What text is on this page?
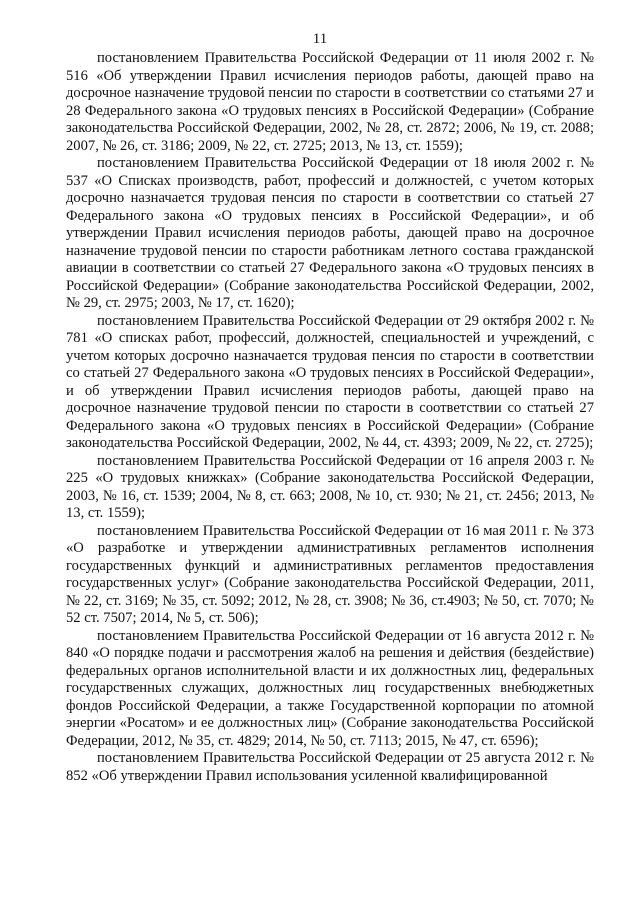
11

постановлением Правительства Российской Федерации от 11 июля 2002 г. № 516 «Об утверждении Правил исчисления периодов работы, дающей право на досрочное назначение трудовой пенсии по старости в соответствии со статьями 27 и 28 Федерального закона «О трудовых пенсиях в Российской Федерации» (Собрание законодательства Российской Федерации, 2002, № 28, ст. 2872; 2006, № 19, ст. 2088; 2007, № 26, ст. 3186; 2009, № 22, ст. 2725; 2013, № 13, ст. 1559);

постановлением Правительства Российской Федерации от 18 июля 2002 г. № 537 «О Списках производств, работ, профессий и должностей, с учетом которых досрочно назначается трудовая пенсия по старости в соответствии со статьей 27 Федерального закона «О трудовых пенсиях в Российской Федерации», и об утверждении Правил исчисления периодов работы, дающей право на досрочное назначение трудовой пенсии по старости работникам летного состава гражданской авиации в соответствии со статьей 27 Федерального закона «О трудовых пенсиях в Российской Федерации» (Собрание законодательства Российской Федерации, 2002, № 29, ст. 2975; 2003, № 17, ст. 1620);

постановлением Правительства Российской Федерации от 29 октября 2002 г. № 781 «О списках работ, профессий, должностей, специальностей и учреждений, с учетом которых досрочно назначается трудовая пенсия по старости в соответствии со статьей 27 Федерального закона «О трудовых пенсиях в Российской Федерации», и об утверждении Правил исчисления периодов работы, дающей право на досрочное назначение трудовой пенсии по старости в соответствии со статьей 27 Федерального закона «О трудовых пенсиях в Российской Федерации» (Собрание законодательства Российской Федерации, 2002, № 44, ст. 4393; 2009, № 22, ст. 2725);

постановлением Правительства Российской Федерации от 16 апреля 2003 г. № 225 «О трудовых книжках» (Собрание законодательства Российской Федерации, 2003, № 16, ст. 1539; 2004, № 8, ст. 663; 2008, № 10, ст. 930; № 21, ст. 2456; 2013, № 13, ст. 1559);

постановлением Правительства Российской Федерации от 16 мая 2011 г. № 373 «О разработке и утверждении административных регламентов исполнения государственных функций и административных регламентов предоставления государственных услуг» (Собрание законодательства Российской Федерации, 2011, № 22, ст. 3169; № 35, ст. 5092; 2012, № 28, ст. 3908; № 36, ст.4903; № 50, ст. 7070; № 52 ст. 7507; 2014, № 5, ст. 506);

постановлением Правительства Российской Федерации от 16 августа 2012 г. № 840 «О порядке подачи и рассмотрения жалоб на решения и действия (бездействие) федеральных органов исполнительной власти и их должностных лиц, федеральных государственных служащих, должностных лиц государственных внебюджетных фондов Российской Федерации, а также Государственной корпорации по атомной энергии «Росатом» и ее должностных лиц» (Собрание законодательства Российской Федерации, 2012, № 35, ст. 4829; 2014, № 50, ст. 7113; 2015, № 47, ст. 6596);

постановлением Правительства Российской Федерации от 25 августа 2012 г. № 852 «Об утверждении Правил использования усиленной квалифицированной
